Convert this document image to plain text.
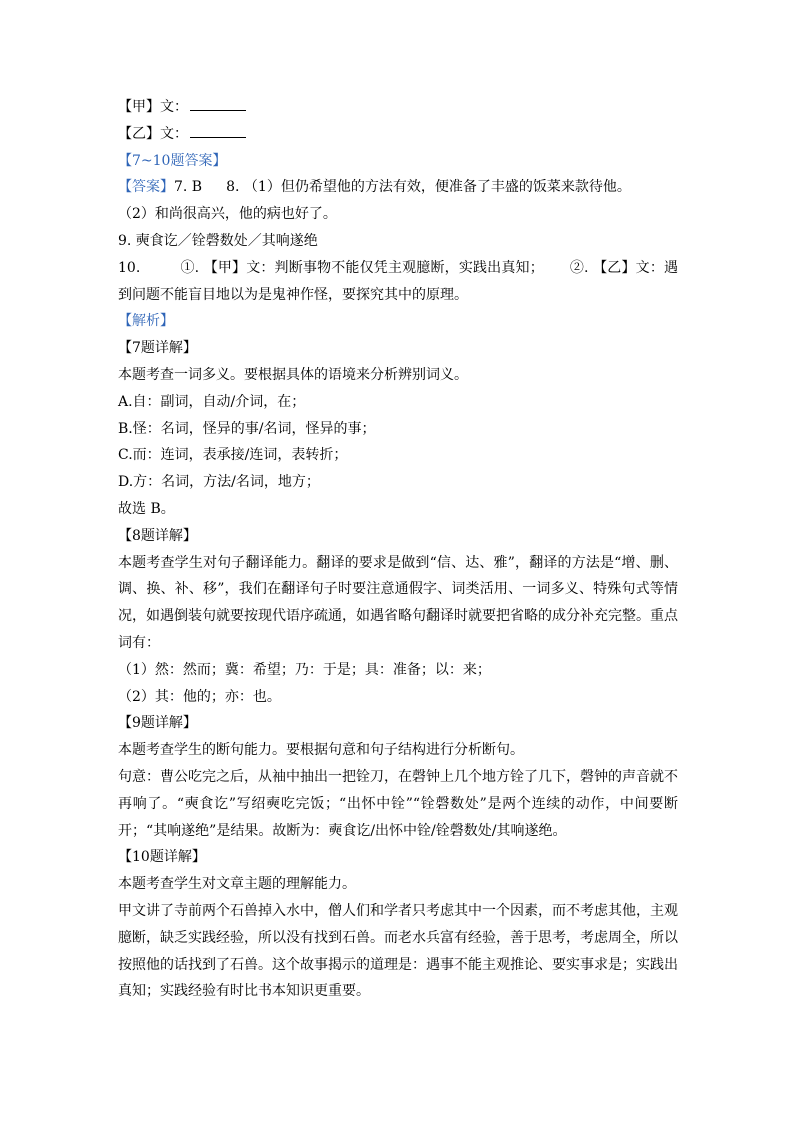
【甲】文：
【乙】文：
【7~10题答案】
【答案】7. B 8. （1）但仍希望他的方法有效，便准备了丰盛的饭菜来款待他。
（2）和尚很高兴，他的病也好了。
9. 奭食讫／铨磬数处／其响遂绝
10.	①. 【甲】文：判断事物不能仅凭主观臆断，实践出真知； ②. 【乙】文：遇到问题不能盲目地以为是鬼神作怪，要探究其中的原理。
【解析】
【7题详解】
本题考查一词多义。要根据具体的语境来分析辨别词义。
A.自：副词，自动/介词，在；
B.怪：名词，怪异的事/名词，怪异的事；
C.而：连词，表承接/连词，表转折；
D.方：名词，方法/名词，地方；
故选 B。
【8题详解】
本题考查学生对句子翻译能力。翻译的要求是做到“信、达、雅”，翻译的方法是“增、删、调、换、补、移”，我们在翻译句子时要注意通假字、词类活用、一词多义、特殊句式等情况，如遇倒装句就要按现代语序疏通，如遇省略句翻译时就要把省略的成分补充完整。重点词有：
（1）然：然而；冀：希望；乃：于是；具：准备；以：来；
（2）其：他的；亦：也。
【9题详解】
本题考查学生的断句能力。要根据句意和句子结构进行分析断句。
句意：曹公吃完之后，从袖中抽出一把铨刀，在磬钟上几个地方铨了几下，磬钟的声音就不再响了。“奭食讫”写绍奭吃完饭；“出怀中铨”“铨磬数处”是两个连续的动作，中间要断开；“其响遂绝”是结果。故断为：奭食讫/出怀中铨/铨磬数处/其响遂绝。
【10题详解】
本题考查学生对文章主题的理解能力。
甲文讲了寺前两个石兽掉入水中，僧人们和学者只考虑其中一个因素，而不考虑其他，主观臆断，缺乏实践经验，所以没有找到石兽。而老水兵富有经验，善于思考，考虑周全，所以按照他的话找到了石兽。这个故事揭示的道理是：遇事不能主观推论、要实事求是；实践出真知；实践经验有时比书本知识更重要。
